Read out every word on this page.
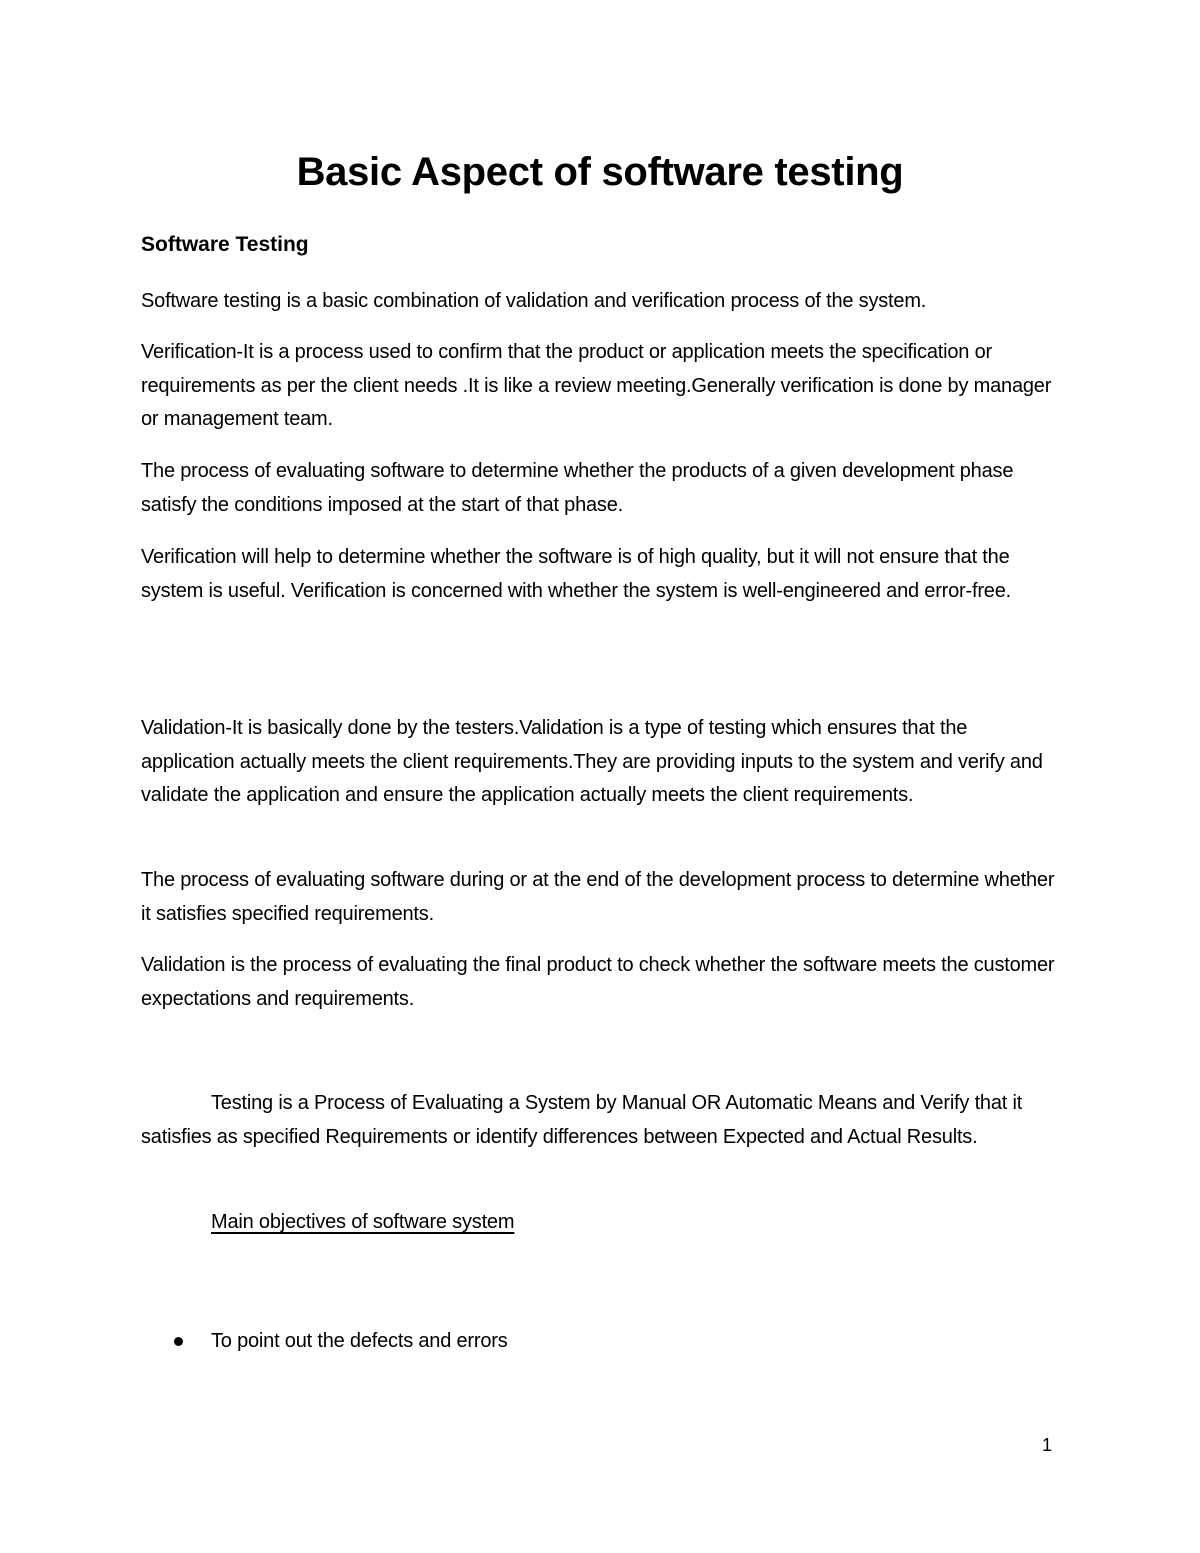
Basic Aspect of software testing
Software Testing
Software testing is a basic combination of validation and verification process of the system.
Verification-It is a process used to confirm that the product or application meets the specification or requirements as per the client needs .It is like a review meeting.Generally verification is done by manager or management team.
The process of evaluating software to determine whether the products of a given development phase satisfy the conditions imposed at the start of that phase.
Verification will help to determine whether the software is of high quality, but it will not ensure that the system is useful. Verification is concerned with whether the system is well-engineered and error-free.
Validation-It is basically done by the testers.Validation is a type of testing which ensures that the application actually meets the client requirements.They are providing inputs to the system and verify and validate the application and ensure the application actually meets the client requirements.
The process of evaluating software during or at the end of the development process to determine whether it satisfies specified requirements.
Validation is the process of evaluating the final product to check whether the software meets the customer expectations and requirements.
Testing is a Process of Evaluating a System by Manual OR Automatic Means and Verify that it satisfies as specified Requirements or identify differences between Expected and Actual Results.
Main objectives of software system
To point out the defects and errors
1
